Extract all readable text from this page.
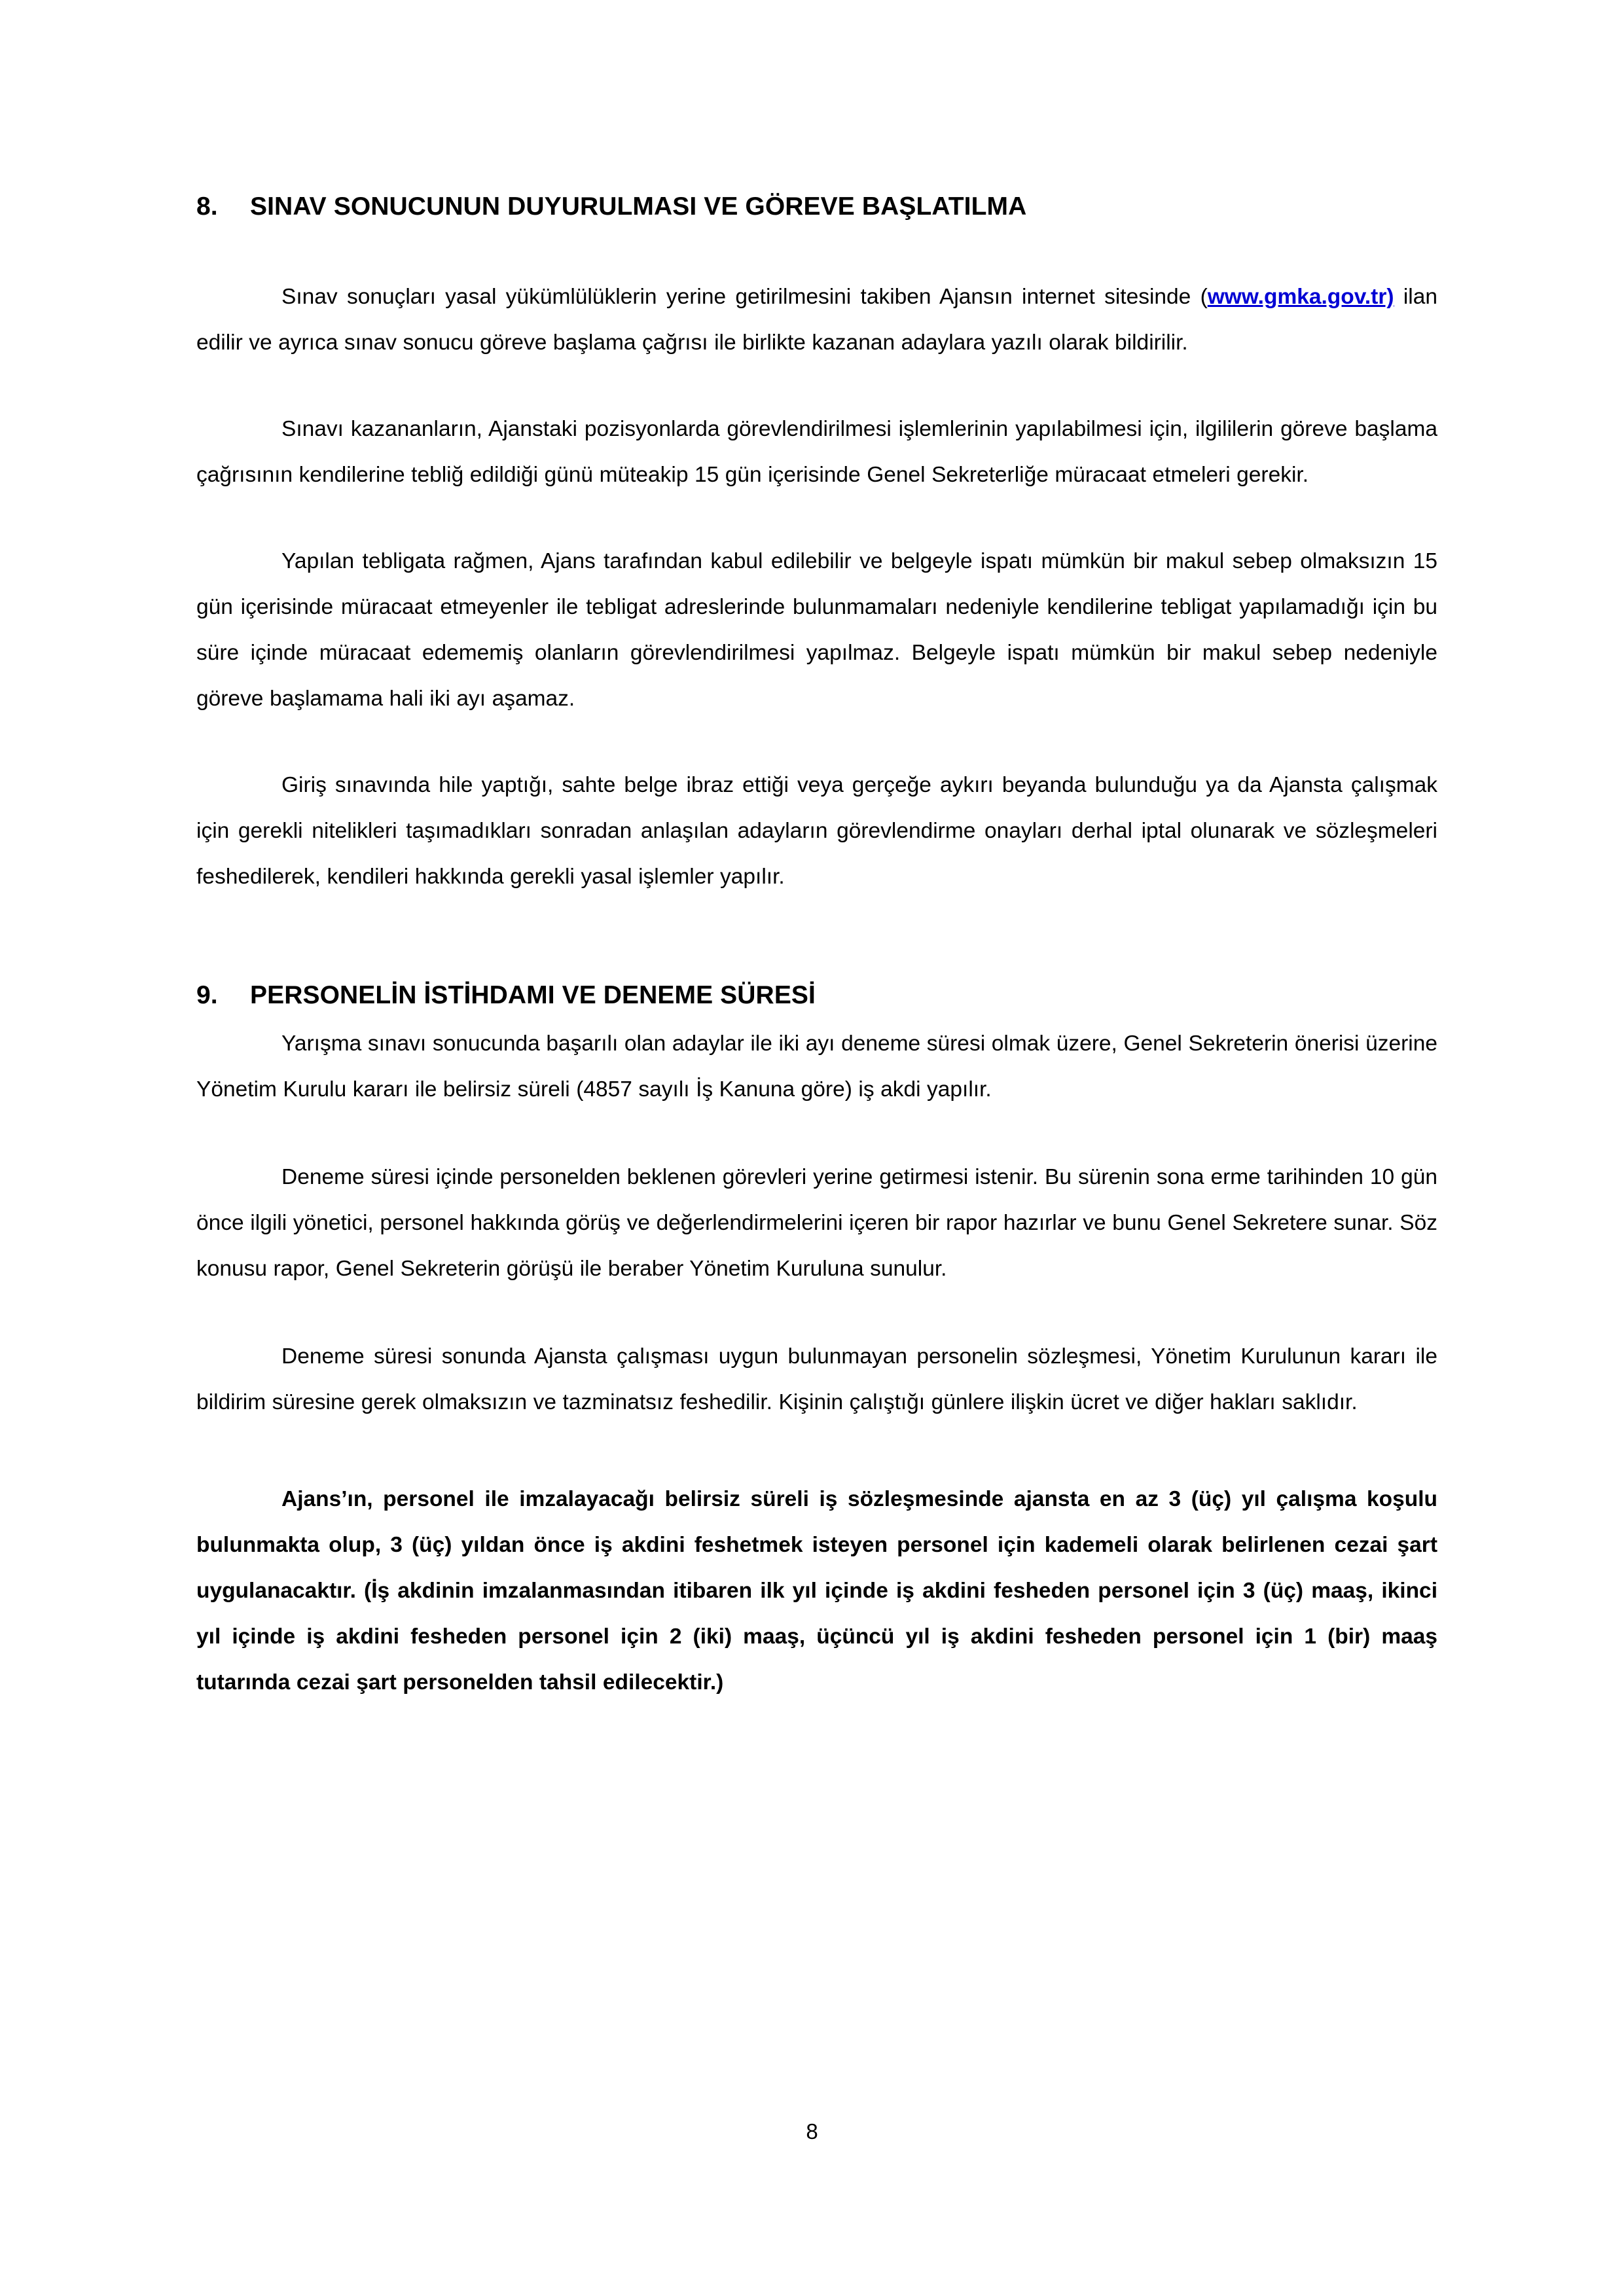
8.	SINAV SONUCUNUN DUYURULMASI VE GÖREVE BAŞLATILMA

Sınav sonuçları yasal yükümlülüklerin yerine getirilmesini takiben Ajansın internet sitesinde (www.gmka.gov.tr) ilan edilir ve ayrıca sınav sonucu göreve başlama çağrısı ile birlikte kazanan adaylara yazılı olarak bildirilir.

Sınavı kazananların, Ajanstaki pozisyonlarda görevlendirilmesi işlemlerinin yapılabilmesi için, ilgililerin göreve başlama çağrısının kendilerine tebliğ edildiği günü müteakip 15 gün içerisinde Genel Sekreterliğe müracaat etmeleri gerekir.

Yapılan tebligata rağmen, Ajans tarafından kabul edilebilir ve belgeyle ispatı mümkün bir makul sebep olmaksızın 15 gün içerisinde müracaat etmeyenler ile tebligat adreslerinde bulunmamaları nedeniyle kendilerine tebligat yapılamadığı için bu süre içinde müracaat edememiş olanların görevlendirilmesi yapılmaz. Belgeyle ispatı mümkün bir makul sebep nedeniyle göreve başlamama hali iki ayı aşamaz.

Giriş sınavında hile yaptığı, sahte belge ibraz ettiği veya gerçeğe aykırı beyanda bulunduğu ya da Ajansta çalışmak için gerekli nitelikleri taşımadıkları sonradan anlaşılan adayların görevlendirme onayları derhal iptal olunarak ve sözleşmeleri feshedilerek, kendileri hakkında gerekli yasal işlemler yapılır.

9.	PERSONELİN İSTİHDAMI VE DENEME SÜRESİ

Yarışma sınavı sonucunda başarılı olan adaylar ile iki ayı deneme süresi olmak üzere, Genel Sekreterin önerisi üzerine Yönetim Kurulu kararı ile belirsiz süreli (4857 sayılı İş Kanuna göre) iş akdi yapılır.

Deneme süresi içinde personelden beklenen görevleri yerine getirmesi istenir. Bu sürenin sona erme tarihinden 10 gün önce ilgili yönetici, personel hakkında görüş ve değerlendirmelerini içeren bir rapor hazırlar ve bunu Genel Sekretere sunar. Söz konusu rapor, Genel Sekreterin görüşü ile beraber Yönetim Kuruluna sunulur.

Deneme süresi sonunda Ajansta çalışması uygun bulunmayan personelin sözleşmesi, Yönetim Kurulunun kararı ile bildirim süresine gerek olmaksızın ve tazminatsız feshedilir. Kişinin çalıştığı günlere ilişkin ücret ve diğer hakları saklıdır.

Ajans’ın, personel ile imzalayacağı belirsiz süreli iş sözleşmesinde ajansta en az 3 (üç) yıl çalışma koşulu bulunmakta olup, 3 (üç) yıldan önce iş akdini feshetmek isteyen personel için kademeli olarak belirlenen cezai şart uygulanacaktır. (İş akdinin imzalanmasından itibaren ilk yıl içinde iş akdini fesheden personel için 3 (üç) maaş, ikinci yıl içinde iş akdini fesheden personel için 2 (iki) maaş, üçüncü yıl iş akdini fesheden personel için 1 (bir) maaş tutarında cezai şart personelden tahsil edilecektir.)

8
